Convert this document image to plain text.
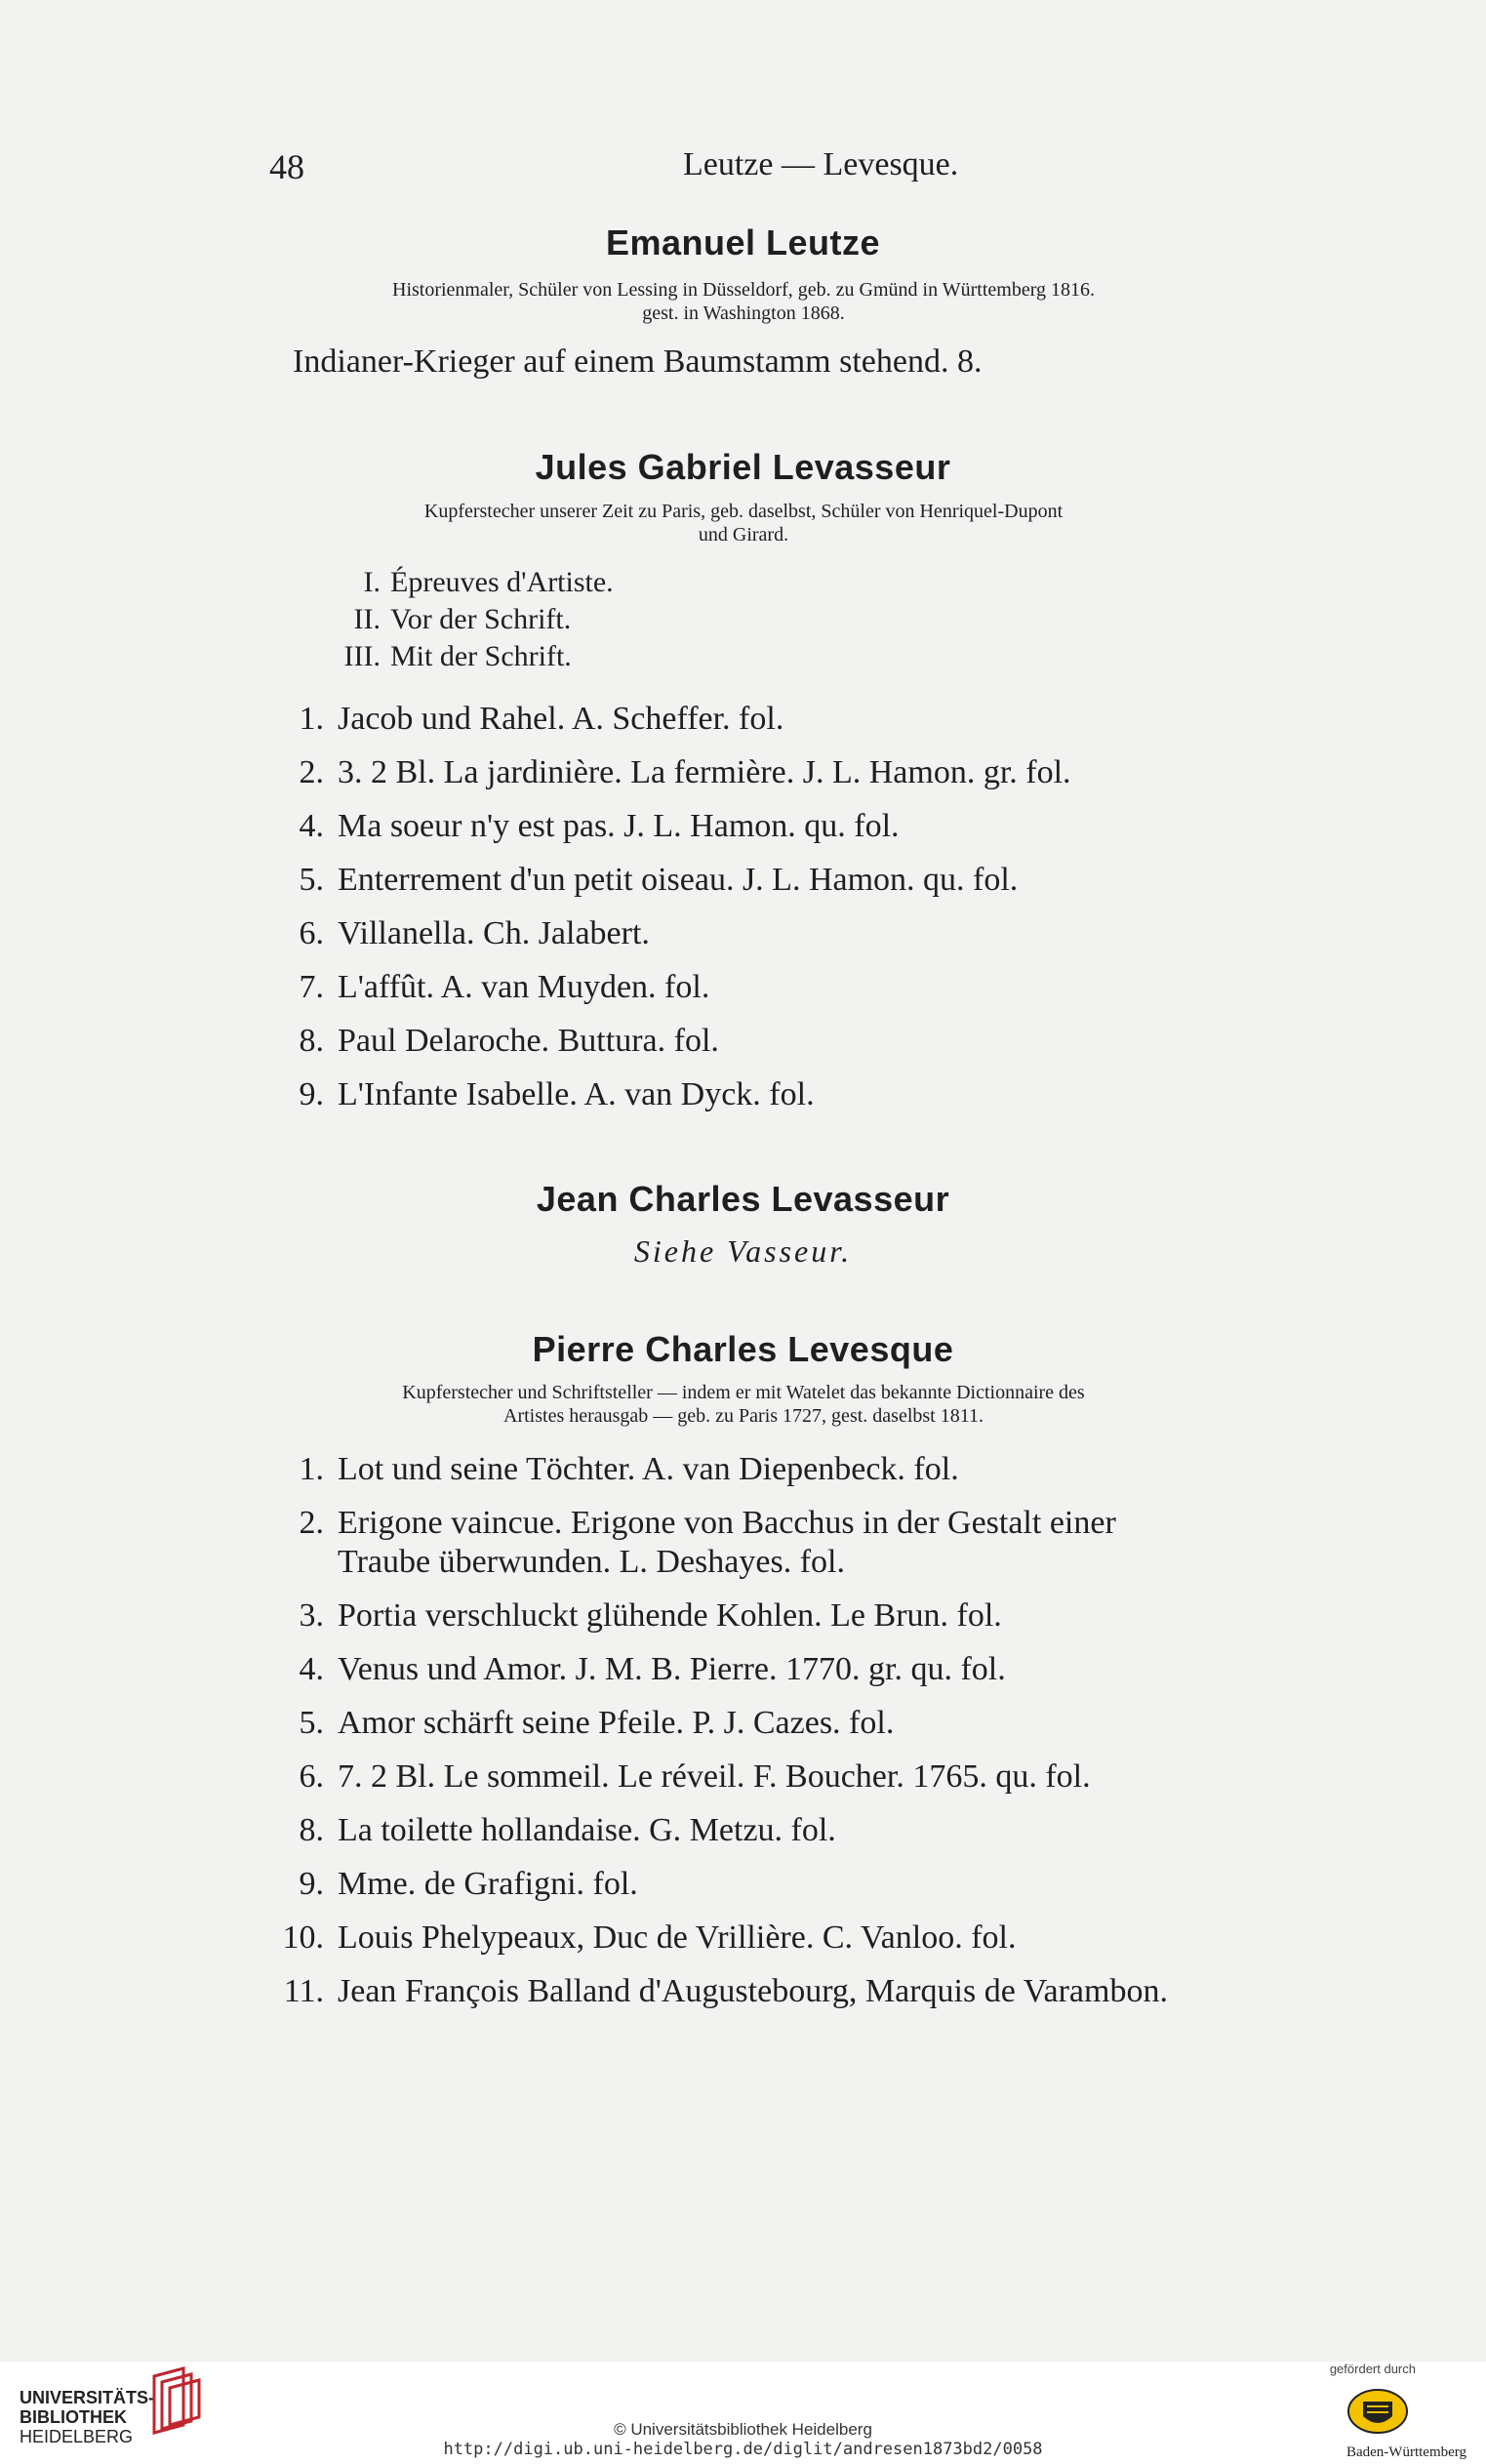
48	Leutze — Levesque.
Emanuel Leutze
Historienmaler, Schüler von Lessing in Düsseldorf, geb. zu Gmünd in Württemberg 1816.
gest. in Washington 1868.
Indianer-Krieger auf einem Baumstamm stehend. 8.
Jules Gabriel Levasseur
Kupferstecher unserer Zeit zu Paris, geb. daselbst, Schüler von Henriquel-Dupont
und Girard.
I. Épreuves d'Artiste.
II. Vor der Schrift.
III. Mit der Schrift.
1. Jacob und Rahel. A. Scheffer. fol.
2. 3. 2 Bl. La jardinière. La fermière. J. L. Hamon. gr. fol.
4. Ma soeur n'y est pas. J. L. Hamon. qu. fol.
5. Enterrement d'un petit oiseau. J. L. Hamon. qu. fol.
6. Villanella. Ch. Jalabert.
7. L'affût. A. van Muyden. fol.
8. Paul Delaroche. Buttura. fol.
9. L'Infante Isabelle. A. van Dyck. fol.
Jean Charles Levasseur
Siehe Vasseur.
Pierre Charles Levesque
Kupferstecher und Schriftsteller — indem er mit Watelet das bekannte Dictionnaire des
Artistes herausgab — geb. zu Paris 1727, gest. daselbst 1811.
1. Lot und seine Töchter. A. van Diepenbeck. fol.
2. Erigone vaincue. Erigone von Bacchus in der Gestalt einer
Traube überwunden. L. Deshayes. fol.
3. Portia verschluckt glühende Kohlen. Le Brun. fol.
4. Venus und Amor. J. M. B. Pierre. 1770. gr. qu. fol.
5. Amor schärft seine Pfeile. P. J. Cazes. fol.
6. 7. 2 Bl. Le sommeil. Le réveil. F. Boucher. 1765. qu. fol.
8. La toilette hollandaise. G. Metzu. fol.
9. Mme. de Grafigni. fol.
10. Louis Phelypeaux, Duc de Vrillière. C. Vanloo. fol.
11. Jean François Balland d'Augustebourg, Marquis de Varambon.
UNIVERSITÄTS-
BIBLIOTHEK
HEIDELBERG	© Universitätsbibliothek Heidelberg
http://digi.ub.uni-heidelberg.de/diglit/andresen1873bd2/0058
gefördert durch
Baden-Württemberg
